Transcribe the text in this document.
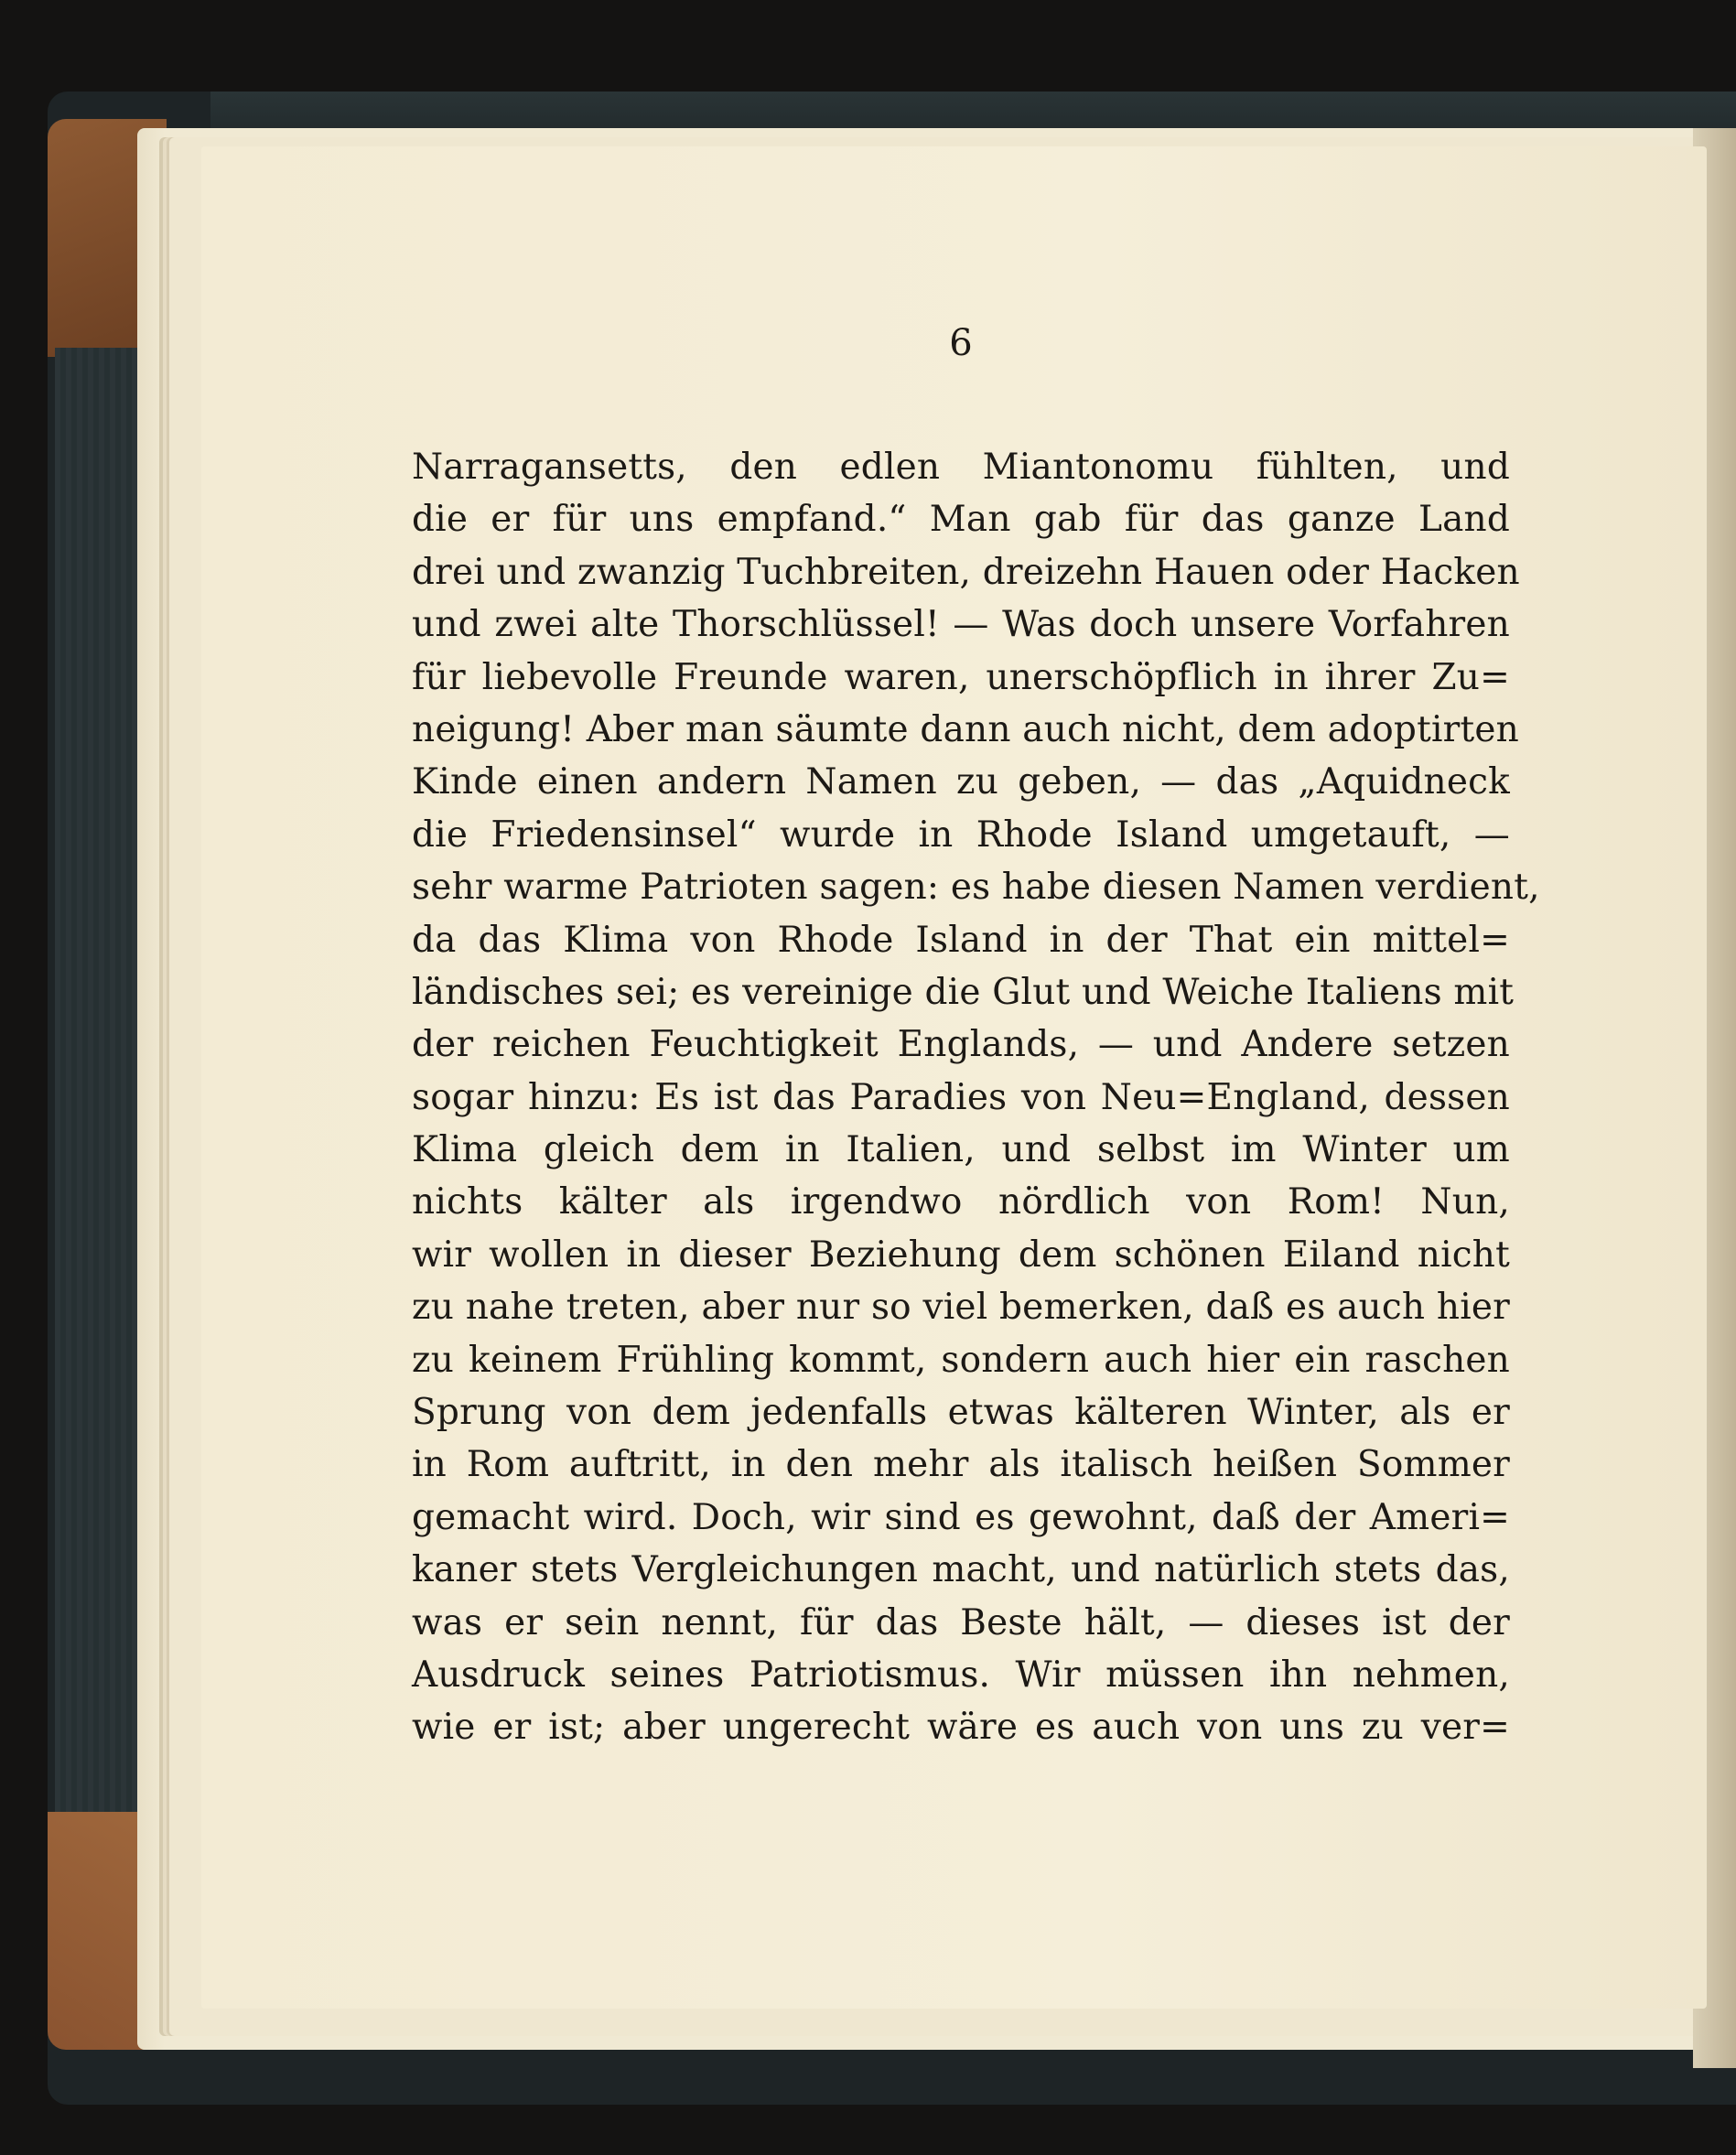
6
Narragansetts, den edlen Miantonomu fühlten, und
die er für uns empfand.“ Man gab für das ganze Land
drei und zwanzig Tuchbreiten, dreizehn Hauen oder Hacken
und zwei alte Thorschlüssel! — Was doch unsere Vorfahren
für liebevolle Freunde waren, unerschöpflich in ihrer Zu=
neigung! Aber man säumte dann auch nicht, dem adoptirten
Kinde einen andern Namen zu geben, — das „Aquidneck
die Friedensinsel“ wurde in Rhode Island umgetauft, —
sehr warme Patrioten sagen: es habe diesen Namen verdient,
da das Klima von Rhode Island in der That ein mittel=
ländisches sei; es vereinige die Glut und Weiche Italiens mit
der reichen Feuchtigkeit Englands, — und Andere setzen
sogar hinzu: Es ist das Paradies von Neu=England, dessen
Klima gleich dem in Italien, und selbst im Winter um
nichts kälter als irgendwo nördlich von Rom! Nun,
wir wollen in dieser Beziehung dem schönen Eiland nicht
zu nahe treten, aber nur so viel bemerken, daß es auch hier
zu keinem Frühling kommt, sondern auch hier ein raschen
Sprung von dem jedenfalls etwas kälteren Winter, als er
in Rom auftritt, in den mehr als italisch heißen Sommer
gemacht wird. Doch, wir sind es gewohnt, daß der Ameri=
kaner stets Vergleichungen macht, und natürlich stets das,
was er sein nennt, für das Beste hält, — dieses ist der
Ausdruck seines Patriotismus. Wir müssen ihn nehmen,
wie er ist; aber ungerecht wäre es auch von uns zu ver=
